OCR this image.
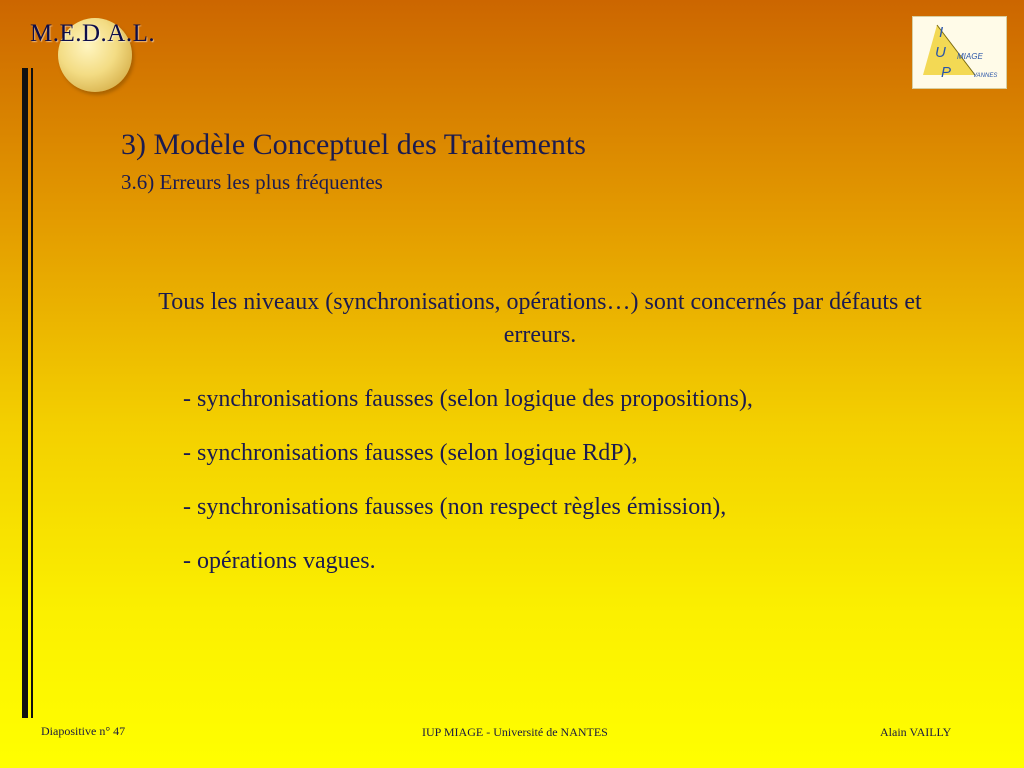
M.E.D.A.L.	I
U
P
MIAGE
VANNES
3) Modèle Conceptuel des Traitements
3.6) Erreurs les plus fréquentes
Tous les niveaux (synchronisations, opérations…) sont concernés par défauts et erreurs.
- synchronisations fausses (selon logique des propositions),
- synchronisations fausses (selon logique RdP),
- synchronisations fausses (non respect règles émission),
- opérations vagues.
Diapositive n° 47	IUP MIAGE - Université de NANTES	Alain VAILLY
